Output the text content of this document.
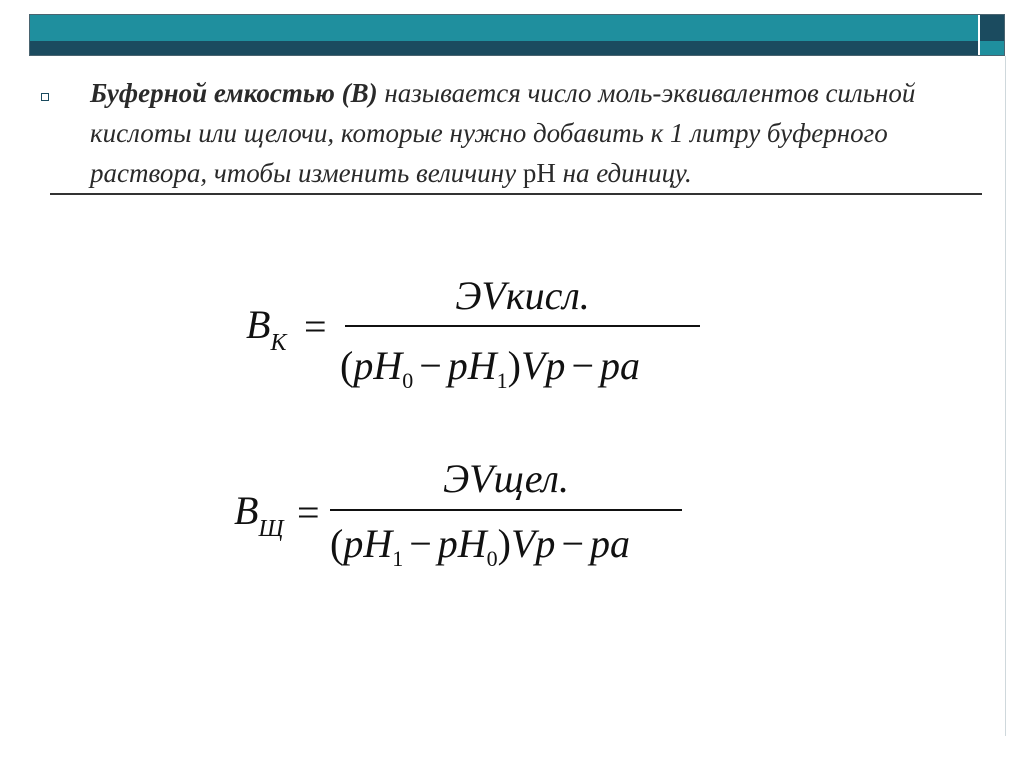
Буферной емкостью (В) называется число моль-эквивалентов сильной кислоты или щелочи, которые нужно добавить к 1 литру буферного раствора, чтобы изменить величину pH на единицу.
$B_К$ =
ЭVкисл.
$(pH_0 - pH_1)Vp$ − pa
$B_Щ$ =
ЭVщел.
$(pH_1 - pH_0)Vp$ − pa
